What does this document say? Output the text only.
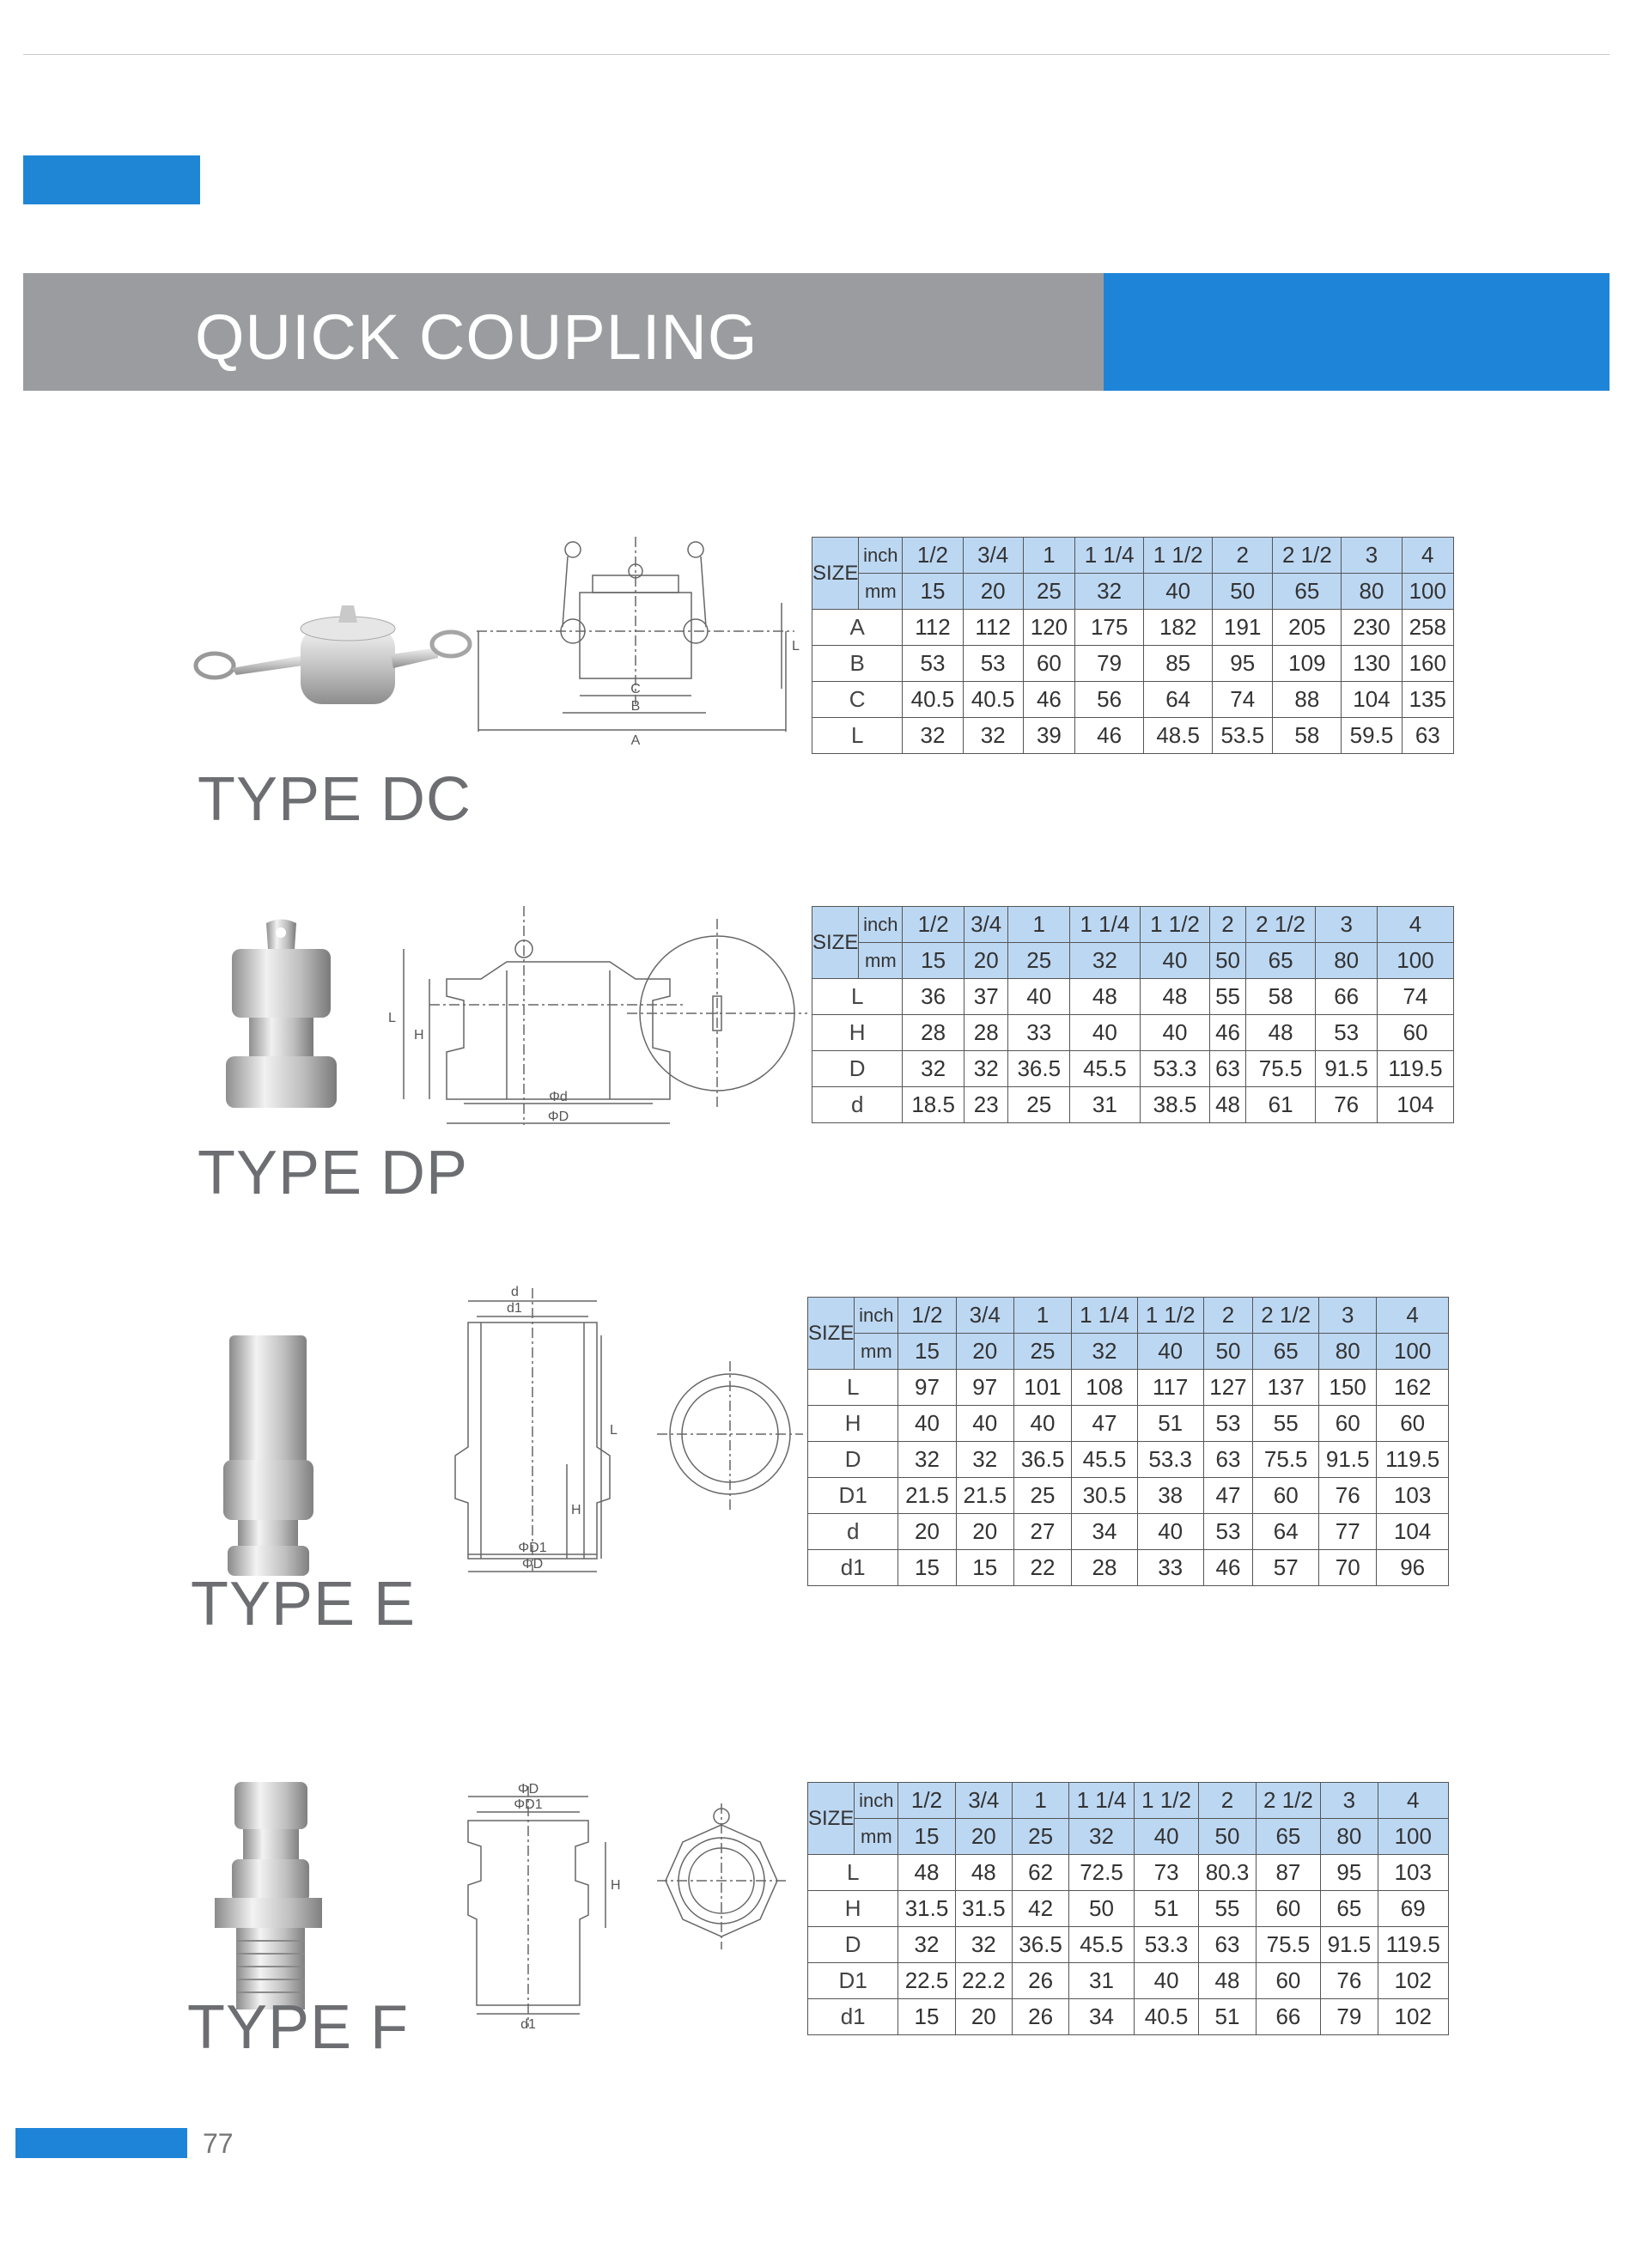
QUICK COUPLING
C
B
A
L
SIZE	inch	1/2	3/4	1	1 1/4	1 1/2	2	2 1/2	3	4
	mm	15	20	25	32	40	50	65	80	100
A		112	112	120	175	182	191	205	230	258
B		53	53	60	79	85	95	109	130	160
C		40.5	40.5	46	56	64	74	88	104	135
L		32	32	39	46	48.5	53.5	58	59.5	63
TYPE DC
L
H
Φd
ΦD
SIZE	inch	1/2	3/4	1	1 1/4	1 1/2	2	2 1/2	3	4
	mm	15	20	25	32	40	50	65	80	100
L		36	37	40	48	48	55	58	66	74
H		28	28	33	40	40	46	48	53	60
D		32	32	36.5	45.5	53.3	63	75.5	91.5	119.5
d		18.5	23	25	31	38.5	48	61	76	104
TYPE DP
d
d1
L
H
ΦD1
ΦD
SIZE	inch	1/2	3/4	1	1 1/4	1 1/2	2	2 1/2	3	4
	mm	15	20	25	32	40	50	65	80	100
L		97	97	101	108	117	127	137	150	162
H		40	40	40	47	51	53	55	60	60
D		32	32	36.5	45.5	53.3	63	75.5	91.5	119.5
D1		21.5	21.5	25	30.5	38	47	60	76	103
d		20	20	27	34	40	53	64	77	104
d1		15	15	22	28	33	46	57	70	96
TYPE E
ΦD
ΦD1
H
d1
SIZE	inch	1/2	3/4	1	1 1/4	1 1/2	2	2 1/2	3	4
	mm	15	20	25	32	40	50	65	80	100
L		48	48	62	72.5	73	80.3	87	95	103
H		31.5	31.5	42	50	51	55	60	65	69
D		32	32	36.5	45.5	53.3	63	75.5	91.5	119.5
D1		22.5	22.2	26	31	40	48	60	76	102
d1		15	20	26	34	40.5	51	66	79	102
TYPE F
77
